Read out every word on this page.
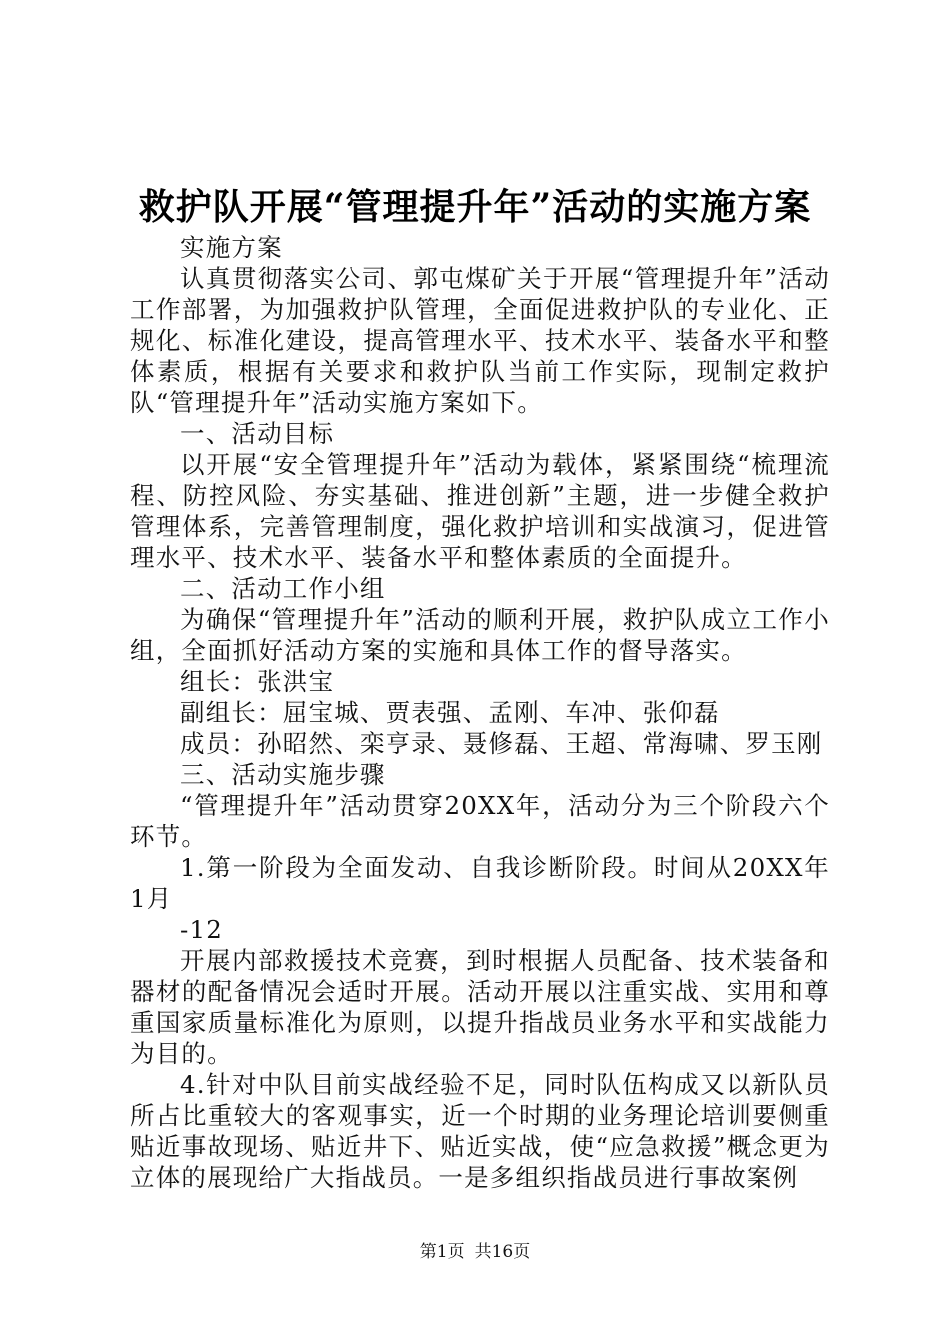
救护队开展“管理提升年”活动的实施方案

实施方案

认真贯彻落实公司、郭屯煤矿关于开展“管理提升年”活动工作部署，为加强救护队管理，全面促进救护队的专业化、正规化、标准化建设，提高管理水平、技术水平、装备水平和整体素质，根据有关要求和救护队当前工作实际，现制定救护队“管理提升年”活动实施方案如下。

一、活动目标

以开展“安全管理提升年”活动为载体，紧紧围绕“梳理流程、防控风险、夯实基础、推进创新”主题，进一步健全救护管理体系，完善管理制度，强化救护培训和实战演习，促进管理水平、技术水平、装备水平和整体素质的全面提升。

二、活动工作小组

为确保“管理提升年”活动的顺利开展，救护队成立工作小组，全面抓好活动方案的实施和具体工作的督导落实。

组长：张洪宝

副组长：屈宝城、贾表强、孟刚、车冲、张仰磊

成员：孙昭然、栾亨录、聂修磊、王超、常海啸、罗玉刚

三、活动实施步骤

“管理提升年”活动贯穿20XX年，活动分为三个阶段六个环节。

1.第一阶段为全面发动、自我诊断阶段。时间从20XX年1月

-12

开展内部救援技术竞赛，到时根据人员配备、技术装备和器材的配备情况会适时开展。活动开展以注重实战、实用和尊重国家质量标准化为原则，以提升指战员业务水平和实战能力为目的。

4.针对中队目前实战经验不足，同时队伍构成又以新队员所占比重较大的客观事实，近一个时期的业务理论培训要侧重贴近事故现场、贴近井下、贴近实战，使“应急救援”概念更为立体的展现给广大指战员。一是多组织指战员进行事故案例

第1页 共16页
